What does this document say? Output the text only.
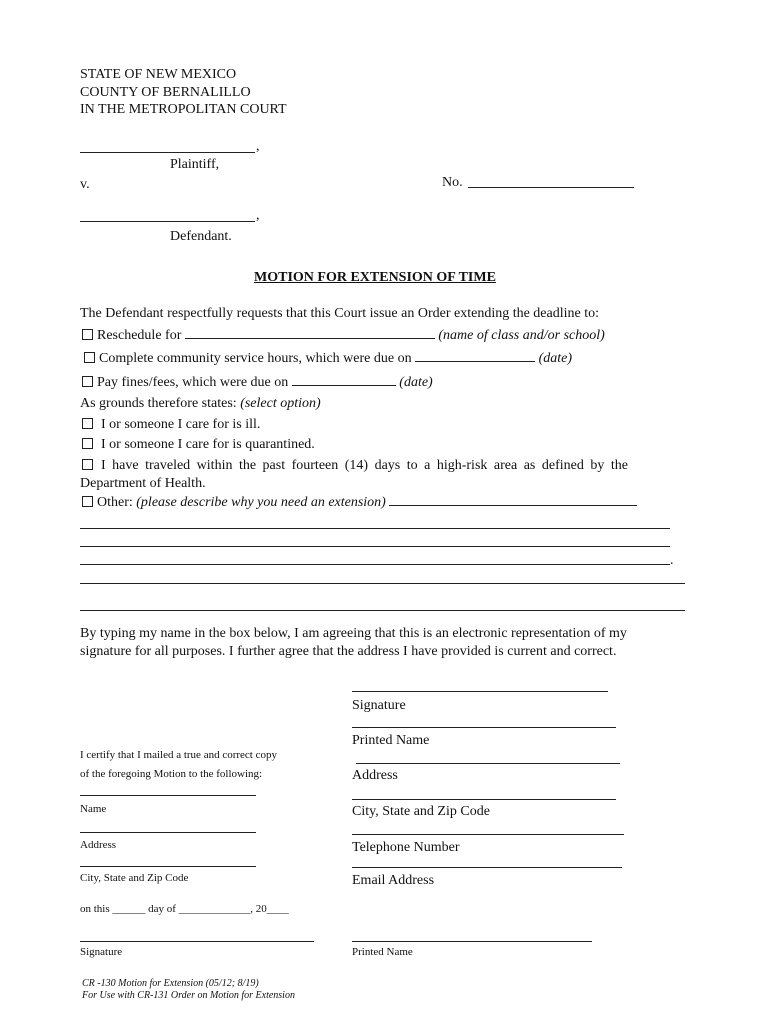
STATE OF NEW MEXICO
COUNTY OF BERNALILLO
IN THE METROPOLITAN COURT
,
Plaintiff,
v.	No.
,
Defendant.
MOTION FOR EXTENSION OF TIME
The Defendant respectfully requests that this Court issue an Order extending the deadline to:
Reschedule for	(name of class and/or school)
Complete community service hours, which were due on	(date)
Pay fines/fees, which were due on	(date)
As grounds therefore states: (select option)
I or someone I care for is ill.
I or someone I care for is quarantined.
I have traveled within the past fourteen (14) days to a high-risk area as defined by the
Department of Health.
Other: (please describe why you need an extension)
.
By typing my name in the box below, I am agreeing that this is an electronic representation of my
signature for all purposes. I further agree that the address I have provided is current and correct.
Signature
Printed Name
Address
City, State and Zip Code
Telephone Number
Email Address
I certify that I mailed a true and correct copy
of the foregoing Motion to the following:
Name
Address
City, State and Zip Code
on this ______ day of _____________, 20____
Signature	Printed Name
CR -130 Motion for Extension (05/12; 8/19)
For Use with CR-131 Order on Motion for Extension
